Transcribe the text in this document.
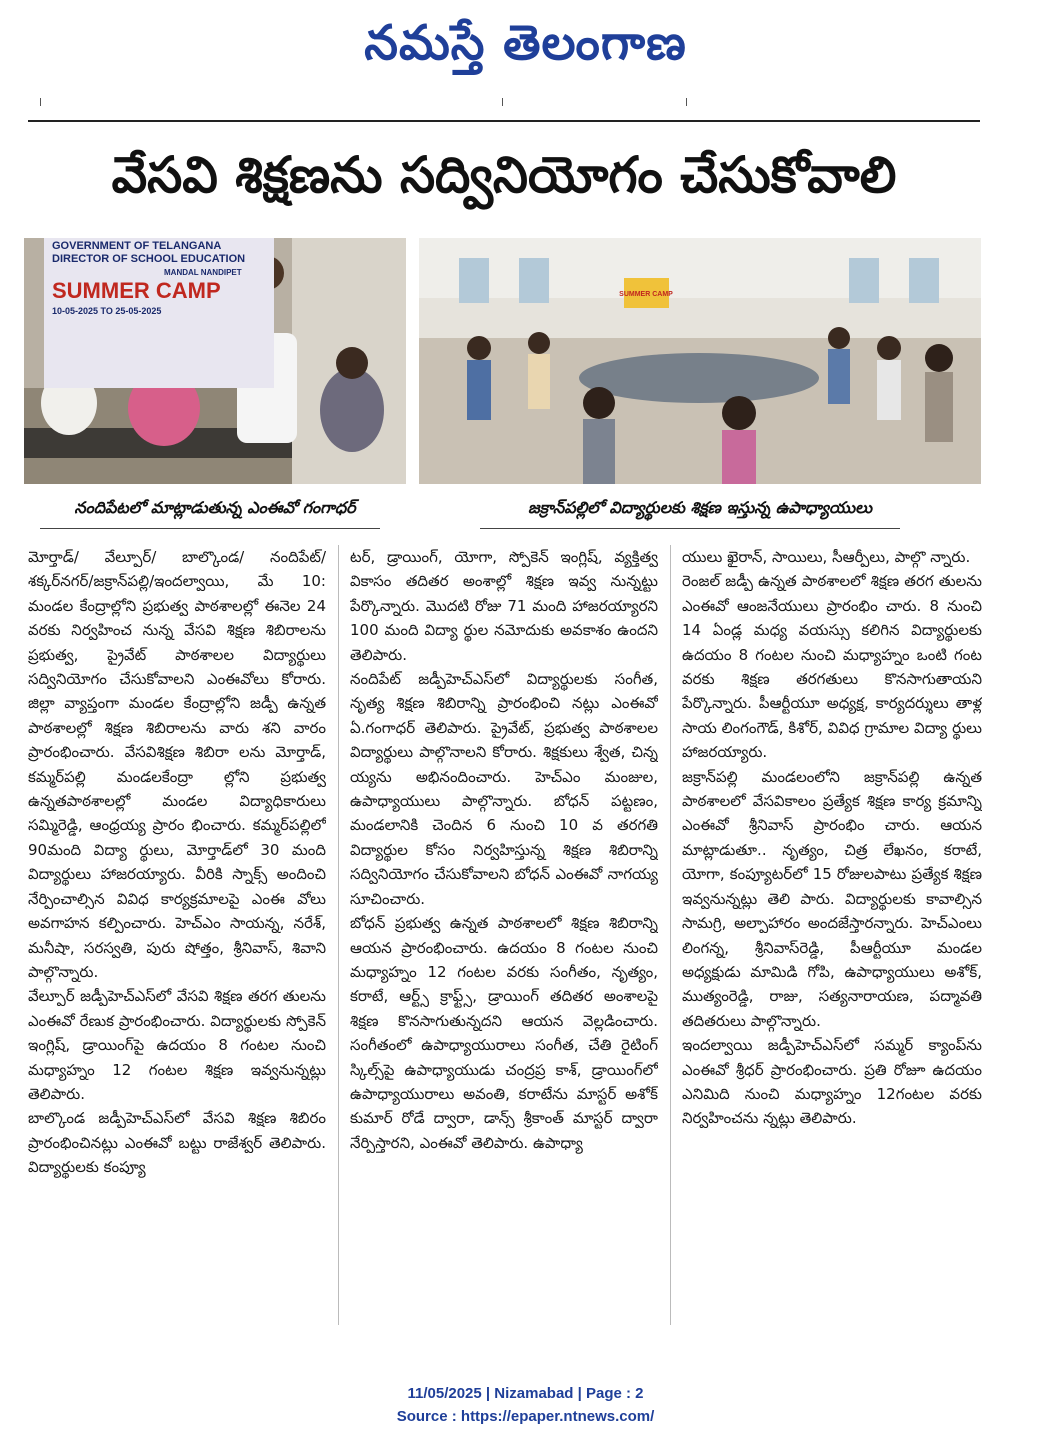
నమస్తే తెలంగాణ
వేసవి శిక్షణను సద్వినియోగం చేసుకోవాలి
GOVERNMENT OF TELANGANA
DIRECTOR OF SCHOOL EDUCATION
MANDAL NANDIPET
SUMMER CAMP
10-05-2025 TO 25-05-2025
SUMMER CAMP
నందిపేటలో మాట్లాడుతున్న ఎంఈవో గంగాధర్	జక్రాన్‌పల్లిలో విద్యార్థులకు శిక్షణ ఇస్తున్న ఉపాధ్యాయులు

మోర్తాడ్/ వేల్పూర్/ బాల్కొండ/ నందిపేట్/ శక్కర్‌నగర్/జక్రాన్‌పల్లి/ఇందల్వాయి, మే 10: మండల కేంద్రాల్లోని ప్రభుత్వ పాఠశాలల్లో ఈనెల 24 వరకు నిర్వహించ నున్న వేసవి శిక్షణ శిబిరాలను ప్రభుత్వ, ప్రైవేట్ పాఠశాలల విద్యార్థులు సద్వినియోగం చేసుకోవాలని ఎంఈవోలు కోరారు. జిల్లా వ్యాప్తంగా మండల కేంద్రాల్లోని జడ్పీ ఉన్నత పాఠశాలల్లో శిక్షణ శిబిరాలను వారు శని వారం ప్రారంభించారు. వేసవిశిక్షణ శిబిరా లను మోర్తాడ్, కమ్మర్‌పల్లి మండలకేంద్రా ల్లోని ప్రభుత్వ ఉన్నతపాఠశాలల్లో మండల విద్యాధికారులు సమ్మిరెడ్డి, ఆంధ్రయ్య ప్రారం భించారు. కమ్మర్‌పల్లిలో 90మంది విద్యా ర్థులు, మోర్తాడ్‌లో 30 మంది విద్యార్థులు హాజరయ్యారు. వీరికి స్నాక్స్ అందించి నేర్పించాల్సిన వివిధ కార్యక్రమాలపై ఎంఈ వోలు అవగాహన కల్పించారు. హెచ్‌ఎం సాయన్న, నరేశ్, మనీషా, సరస్వతి, పురు షోత్తం, శ్రీనివాస్, శివాని పాల్గొన్నారు.

వేల్పూర్ జడ్పీహెచ్‌ఎస్‌లో వేసవి శిక్షణ తరగ తులను ఎంఈవో రేణుక ప్రారంభించారు. విద్యార్థులకు స్పోకెన్ ఇంగ్లిష్, డ్రాయింగ్‌పై ఉదయం 8 గంటల నుంచి మధ్యాహ్నం 12 గంటల శిక్షణ ఇవ్వనున్నట్లు తెలిపారు.

బాల్కొండ జడ్పీహెచ్‌ఎస్‌లో వేసవి శిక్షణ శిబిరం ప్రారంభించినట్లు ఎంఈవో బట్టు రాజేశ్వర్ తెలిపారు. విద్యార్థులకు కంప్యూ

టర్, డ్రాయింగ్, యోగా, స్పోకెన్ ఇంగ్లిష్, వ్యక్తిత్వ వికాసం తదితర అంశాల్లో శిక్షణ ఇవ్వ నున్నట్టు పేర్కొన్నారు. మొదటి రోజు 71 మంది హాజరయ్యారని 100 మంది విద్యా ర్థుల నమోదుకు అవకాశం ఉందని తెలిపారు.

నందిపేట్ జడ్పీహెచ్‌ఎస్‌లో విద్యార్థులకు సంగీత, నృత్య శిక్షణ శిబిరాన్ని ప్రారంభించి నట్లు ఎంఈవో ఏ.గంగాధర్ తెలిపారు. ప్రైవేట్, ప్రభుత్వ పాఠశాలల విద్యార్థులు పాల్గొనాలని కోరారు. శిక్షకులు శ్వేత, చిన్న య్యను అభినందించారు. హెచ్‌ఎం మంజుల, ఉపాధ్యాయులు పాల్గొన్నారు. బోధన్ పట్టణం, మండలానికి చెందిన 6 నుంచి 10 వ తరగతి విద్యార్థుల కోసం నిర్వహిస్తున్న శిక్షణ శిబిరాన్ని సద్వినియోగం చేసుకోవాలని బోధన్ ఎంఈవో నాగయ్య సూచించారు.

బోధన్ ప్రభుత్వ ఉన్నత పాఠశాలలో శిక్షణ శిబిరాన్ని ఆయన ప్రారంభించారు. ఉదయం 8 గంటల నుంచి మధ్యాహ్నం 12 గంటల వరకు సంగీతం, నృత్యం, కరాటే, ఆర్ట్స్ క్రాఫ్ట్స్, డ్రాయింగ్ తదితర అంశాలపై శిక్షణ కొనసాగుతున్నదని ఆయన వెల్లడించారు. సంగీతంలో ఉపాధ్యాయురాలు సంగీత, చేతి రైటింగ్ స్కిల్స్‌పై ఉపాధ్యాయుడు చంద్రప్ర కాశ్, డ్రాయింగ్‌లో ఉపాధ్యాయురాలు అవంతి, కరాటేను మాస్టర్ అశోక్ కుమార్ రోడే ద్వారా, డాన్స్ శ్రీకాంత్ మాస్టర్ ద్వారా నేర్పిస్తారని, ఎంఈవో తెలిపారు. ఉపాధ్యా

యులు ఖైరాన్, సాయిలు, సీఆర్పీలు, పాల్గొ న్నారు.

రెంజల్ జడ్పీ ఉన్నత పాఠశాలలో శిక్షణ తరగ తులను ఎంఈవో ఆంజనేయులు ప్రారంభిం చారు. 8 నుంచి 14 ఏండ్ల మధ్య వయస్సు కలిగిన విద్యార్థులకు ఉదయం 8 గంటల నుంచి మధ్యాహ్నం ఒంటి గంట వరకు శిక్షణ తరగతులు కొనసాగుతాయని పేర్కొన్నారు. పీఆర్టీయూ అధ్యక్ష, కార్యదర్శులు తాళ్ల సాయ లింగంగౌడ్, కిశోర్, వివిధ గ్రామాల విద్యా ర్థులు హాజరయ్యారు.

జక్రాన్‌పల్లి మండలంలోని జక్రాన్‌పల్లి ఉన్నత పాఠశాలలో వేసవికాలం ప్రత్యేక శిక్షణ కార్య క్రమాన్ని ఎంఈవో శ్రీనివాస్ ప్రారంభిం చారు. ఆయన మాట్లాడుతూ.. నృత్యం, చిత్ర లేఖనం, కరాటే, యోగా, కంప్యూటర్‌లో 15 రోజులపాటు ప్రత్యేక శిక్షణ ఇవ్వనున్నట్లు తెలి పారు. విద్యార్థులకు కావాల్సిన సామగ్రి, అల్పాహారం అందజేస్తారన్నారు. హెచ్‌ఎంలు లింగన్న, శ్రీనివాస్‌రెడ్డి, పీఆర్టీయూ మండల అధ్యక్షుడు మామిడి గోపి, ఉపాధ్యాయులు అశోక్, ముత్యంరెడ్డి, రాజు, సత్యనారాయణ, పద్మావతి తదితరులు పాల్గొన్నారు.

ఇందల్వాయి జడ్పీహెచ్‌ఎస్‌లో సమ్మర్ క్యాంప్‌ను ఎంఈవో శ్రీధర్ ప్రారంభించారు. ప్రతి రోజూ ఉదయం ఎనిమిది నుంచి మధ్యాహ్నం 12గంటల వరకు నిర్వహించను న్నట్లు తెలిపారు.

11/05/2025 | Nizamabad | Page : 2
Source : https://epaper.ntnews.com/
